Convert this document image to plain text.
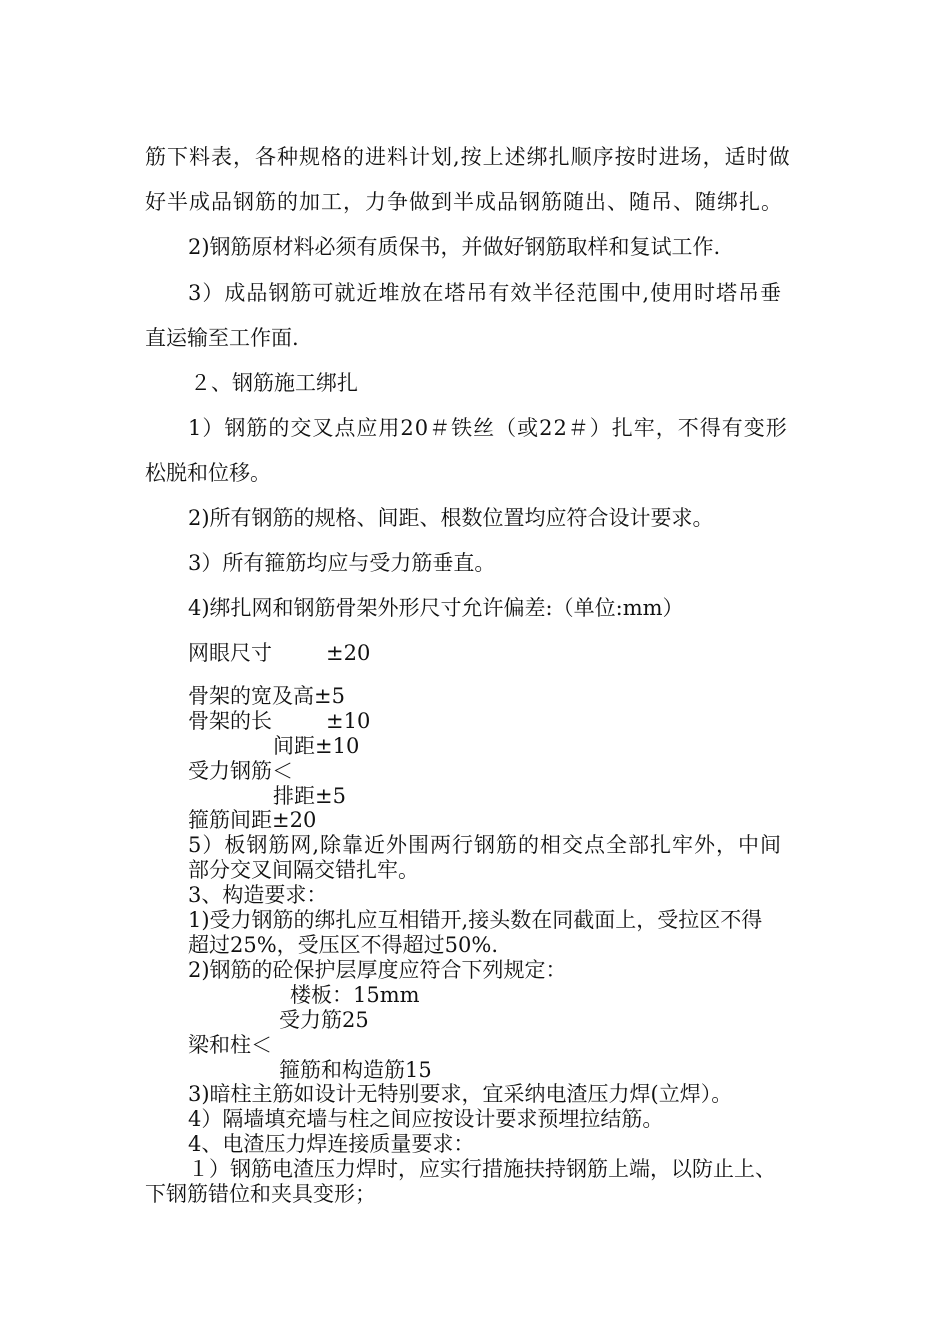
筋下料表，各种规格的进料计划,按上述绑扎顺序按时进场，适时做
好半成品钢筋的加工，力争做到半成品钢筋随出、随吊、随绑扎。
2)钢筋原材料必须有质保书，并做好钢筋取样和复试工作.
3）成品钢筋可就近堆放在塔吊有效半径范围中,使用时塔吊垂
直运输至工作面.
２、钢筋施工绑扎
1）钢筋的交叉点应用20＃铁丝（或22＃）扎牢，不得有变形
松脱和位移。
2)所有钢筋的规格、间距、根数位置均应符合设计要求。
3）所有箍筋均应与受力筋垂直。
4)绑扎网和钢筋骨架外形尺寸允许偏差:（单位:mm）
网眼尺寸	±20
骨架的宽及高±5
骨架的长	±10
间距±10
受力钢筋＜
排距±5
箍筋间距±20
5）板钢筋网,除靠近外围两行钢筋的相交点全部扎牢外，中间
部分交叉间隔交错扎牢。
3、构造要求：
1)受力钢筋的绑扎应互相错开,接头数在同截面上，受拉区不得
超过25%，受压区不得超过50%.
2)钢筋的砼保护层厚度应符合下列规定：
楼板：15mm
受力筋25
梁和柱＜
箍筋和构造筋15
3)暗柱主筋如设计无特别要求，宜采纳电渣压力焊(立焊）。
4）隔墙填充墙与柱之间应按设计要求预埋拉结筋。
4、电渣压力焊连接质量要求：
１）钢筋电渣压力焊时，应实行措施扶持钢筋上端，以防止上、
下钢筋错位和夹具变形；
